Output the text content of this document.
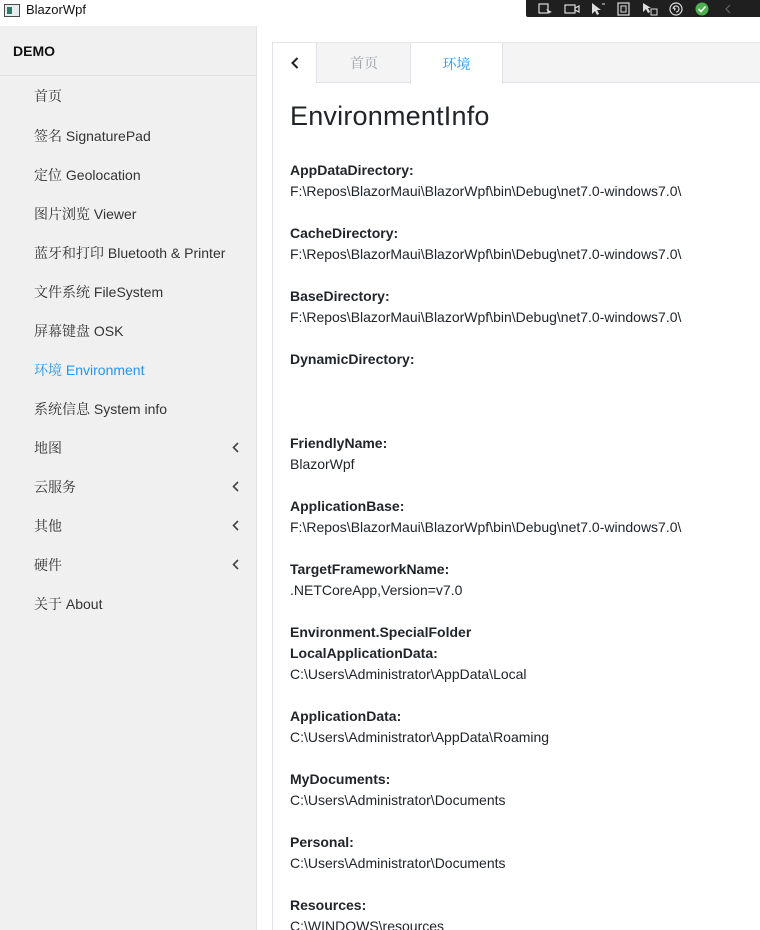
BlazorWpf
DEMO
首页
签名 SignaturePad
定位 Geolocation
图片浏览 Viewer
蓝牙和打印 Bluetooth & Printer
文件系统 FileSystem
屏幕键盘 OSK
环境 Environment
系统信息 System info
地图
云服务
其他
硬件
关于 About
首页	环境
EnvironmentInfo
AppDataDirectory:
F:\Repos\BlazorMaui\BlazorWpf\bin\Debug\net7.0-windows7.0\
CacheDirectory:
F:\Repos\BlazorMaui\BlazorWpf\bin\Debug\net7.0-windows7.0\
BaseDirectory:
F:\Repos\BlazorMaui\BlazorWpf\bin\Debug\net7.0-windows7.0\
DynamicDirectory:
FriendlyName:
BlazorWpf
ApplicationBase:
F:\Repos\BlazorMaui\BlazorWpf\bin\Debug\net7.0-windows7.0\
TargetFrameworkName:
.NETCoreApp,Version=v7.0
Environment.SpecialFolder
LocalApplicationData:
C:\Users\Administrator\AppData\Local
ApplicationData:
C:\Users\Administrator\AppData\Roaming
MyDocuments:
C:\Users\Administrator\Documents
Personal:
C:\Users\Administrator\Documents
Resources:
C:\WINDOWS\resources
